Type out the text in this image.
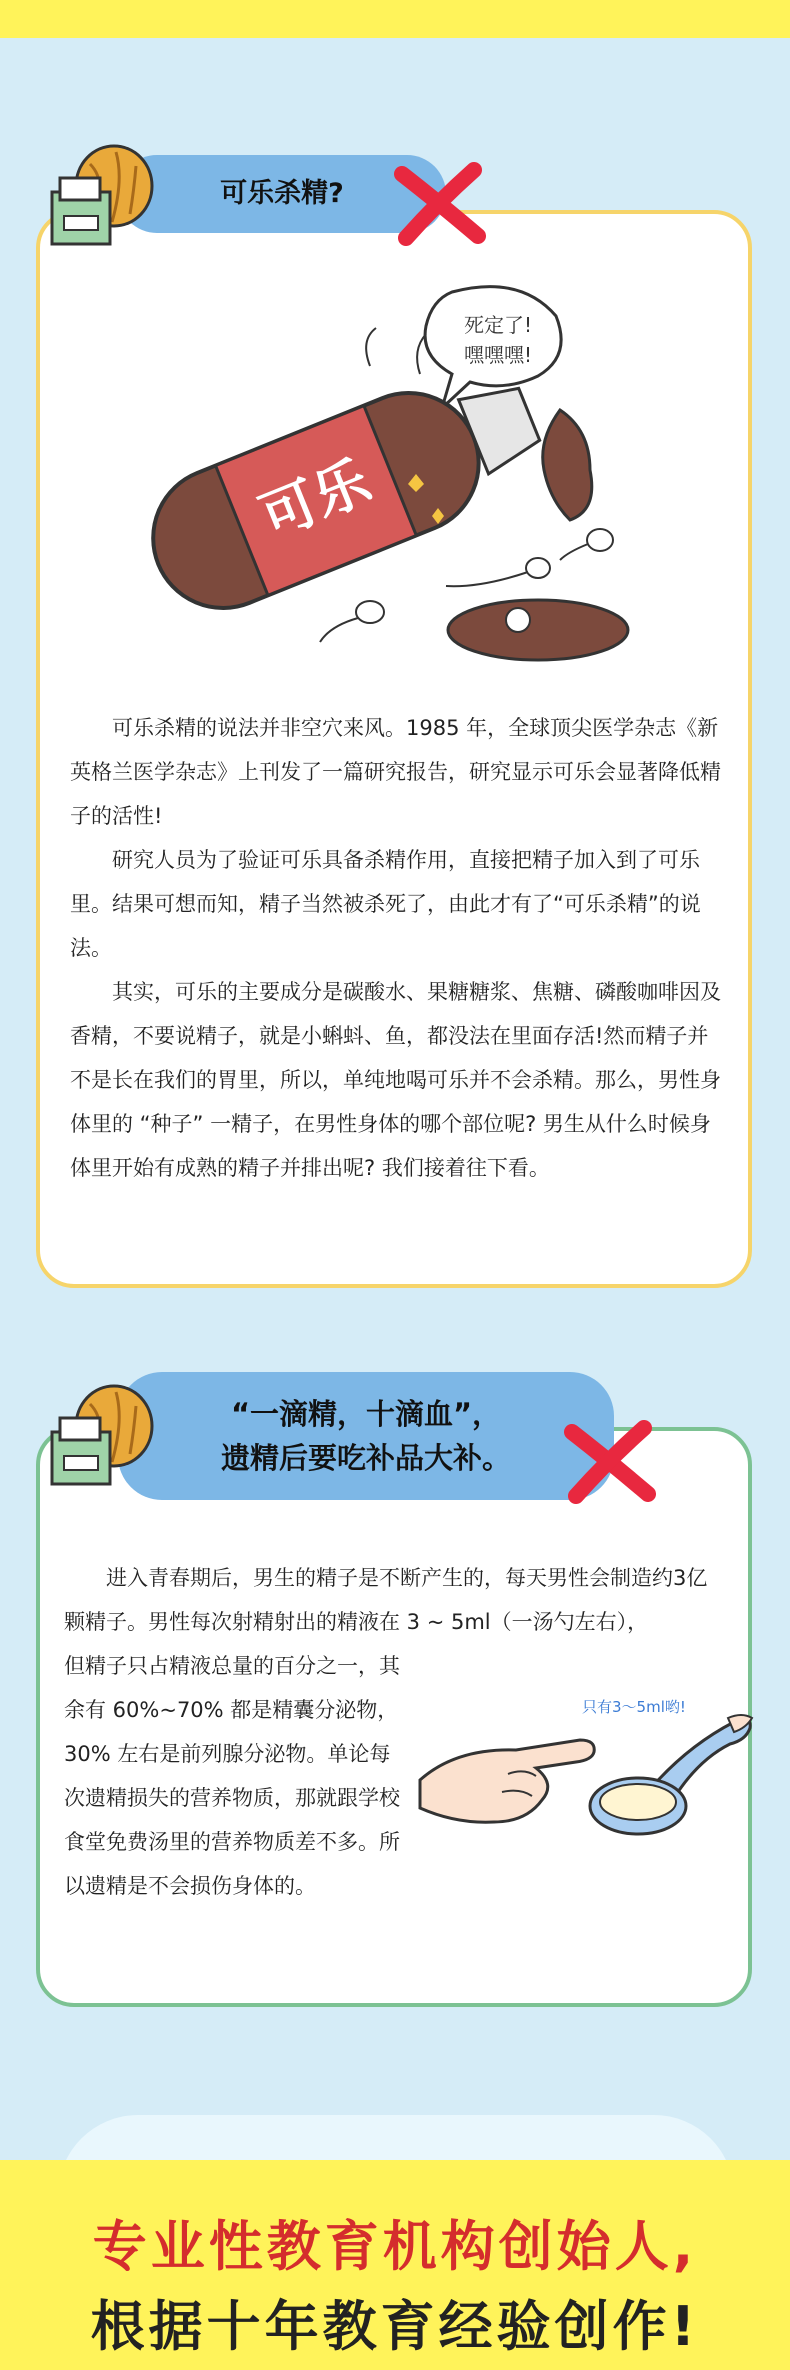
可乐杀精?
死定了!
嘿嘿嘿!
可乐

可乐杀精的说法并非空穴来风。1985 年，全球顶尖医学杂志《新英格兰医学杂志》上刊发了一篇研究报告，研究显示可乐会显著降低精子的活性!

研究人员为了验证可乐具备杀精作用，直接把精子加入到了可乐里。结果可想而知，精子当然被杀死了，由此才有了“可乐杀精”的说法。

其实，可乐的主要成分是碳酸水、果糖糖浆、焦糖、磷酸咖啡因及香精，不要说精子，就是小蝌蚪、鱼，都没法在里面存活!然而精子并不是长在我们的胃里，所以，单纯地喝可乐并不会杀精。那么，男性身体里的 “种子” 一精子，在男性身体的哪个部位呢? 男生从什么时候身体里开始有成熟的精子并排出呢? 我们接着往下看。

“一滴精，十滴血”，
遗精后要吃补品大补。

进入青春期后，男生的精子是不断产生的，每天男性会制造约3亿颗精子。男性每次射精射出的精液在 3 ~ 5ml（一汤勺左右），

但精子只占精液总量的百分之一，其余有 60%~70% 都是精囊分泌物，30% 左右是前列腺分泌物。单论每次遗精损失的营养物质，那就跟学校食堂免费汤里的营养物质差不多。所以遗精是不会损伤身体的。

只有3～5ml哟!
专业性教育机构创始人,
根据十年教育经验创作!
